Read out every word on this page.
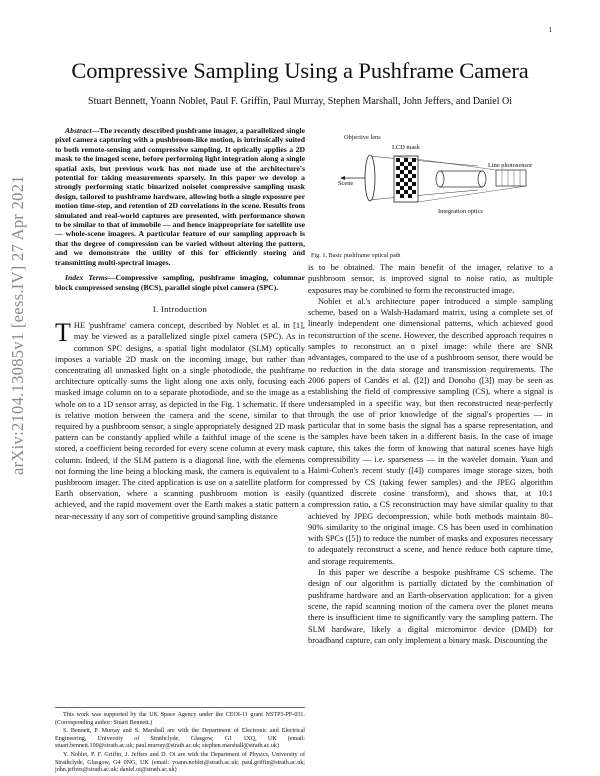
1
arXiv:2104.13085v1 [eess.IV] 27 Apr 2021
Compressive Sampling Using a Pushframe Camera
Stuart Bennett, Yoann Noblet, Paul F. Griffin, Paul Murray, Stephen Marshall, John Jeffers, and Daniel Oi

Abstract—The recently described pushframe imager, a parallelized single pixel camera capturing with a pushbroom-like motion, is intrinsically suited to both remote-sensing and compressive sampling. It optically applies a 2D mask to the imaged scene, before performing light integration along a single spatial axis, but previous work has not made use of the architecture's potential for taking measurements sparsely. In this paper we develop a strongly performing static binarized noiselet compressive sampling mask design, tailored to pushframe hardware, allowing both a single exposure per motion time-step, and retention of 2D correlations in the scene. Results from simulated and real-world captures are presented, with performance shown to be similar to that of immobile — and hence inappropriate for satellite use — whole-scene imagers. A particular feature of our sampling approach is that the degree of compression can be varied without altering the pattern, and we demonstrate the utility of this for efficiently storing and transmitting multi-spectral images.

Index Terms—Compressive sampling, pushframe imaging, columnar block compressed sensing (BCS), parallel single pixel camera (SPC).

I. Introduction

THE 'pushframe' camera concept, described by Noblet et al. in [1], may be viewed as a parallelized single pixel camera (SPC). As in common SPC designs, a spatial light modulator (SLM) optically imposes a variable 2D mask on the incoming image, but rather than concentrating all unmasked light on a single photodiode, the pushframe architecture optically sums the light along one axis only, focusing each masked image column on to a separate photodiode, and so the image as a whole on to a 1D sensor array, as depicted in the Fig. 1 schematic. If there is relative motion between the camera and the scene, similar to that required by a pushbroom sensor, a single appropriately designed 2D mask pattern can be constantly applied while a faithful image of the scene is stored, a coefficient being recorded for every scene column at every mask column. Indeed, if the SLM pattern is a diagonal line, with the elements not forming the line being a blocking mask, the camera is equivalent to a pushbroom imager. The cited application is use on a satellite platform for Earth observation, where a scanning pushbroom motion is easily achieved, and the rapid movement over the Earth makes a static pattern a near-necessity if any sort of competitive ground sampling distance

This work was supported by the UK Space Agency under the CEOI-11 grant NSTP3-PF-031. (Corresponding author: Stuart Bennett.)

S. Bennett, P. Murray and S. Marshall are with the Department of Electronic and Electrical Engineering, University of Strathclyde, Glasgow, G1 1XQ, UK (email: stuart.bennett.100@strath.ac.uk; paul.murray@strath.ac.uk; stephen.marshall@strath.ac.uk)

Y. Noblet, P. F. Griffin, J. Jeffers and D. Oi are with the Department of Physics, University of Strathclyde, Glasgow, G4 0NG, UK (email: yoann.noblet@strath.ac.uk; paul.griffin@strath.ac.uk; john.jeffers@strath.ac.uk; daniel.oi@strath.ac.uk)

Objective lens
LCD mask
Scene
Line photosensor
Integration optics
Fig. 1. Basic pushframe optical path

is to be obtained. The main benefit of the imager, relative to a pushbroom sensor, is improved signal to noise ratio, as multiple exposures may be combined to form the reconstructed image.

Noblet et al.'s architecture paper introduced a simple sampling scheme, based on a Walsh-Hadamard matrix, using a complete set of linearly independent one dimensional patterns, which achieved good reconstruction of the scene. However, the described approach requires n samples to reconstruct an n pixel image: while there are SNR advantages, compared to the use of a pushbroom sensor, there would be no reduction in the data storage and transmission requirements. The 2006 papers of Candès et al. ([2]) and Donoho ([3]) may be seen as establishing the field of compressive sampling (CS), where a signal is undersampled in a specific way, but then reconstructed near-perfectly through the use of prior knowledge of the signal's properties — in particular that in some basis the signal has a sparse representation, and the samples have been taken in a different basis. In the case of image capture, this takes the form of knowing that natural scenes have high compressibility — i.e. sparseness — in the wavelet domain. Yuan and Haimi-Cohen's recent study ([4]) compares image storage sizes, both compressed by CS (taking fewer samples) and the JPEG algorithm (quantized discrete cosine transform), and shows that, at 10:1 compression ratio, a CS reconstruction may have similar quality to that achieved by JPEG decompression, while both methods maintain 80–90% similarity to the original image. CS has been used in combination with SPCs ([5]) to reduce the number of masks and exposures necessary to adequately reconstruct a scene, and hence reduce both capture time, and storage requirements.

In this paper we describe a bespoke pushframe CS scheme. The design of our algorithm is partially dictated by the combination of pushframe hardware and an Earth-observation application: for a given scene, the rapid scanning motion of the camera over the planet means there is insufficient time to significantly vary the sampling pattern. The SLM hardware, likely a digital micromirror device (DMD) for broadband capture, can only implement a binary mask. Discounting the
